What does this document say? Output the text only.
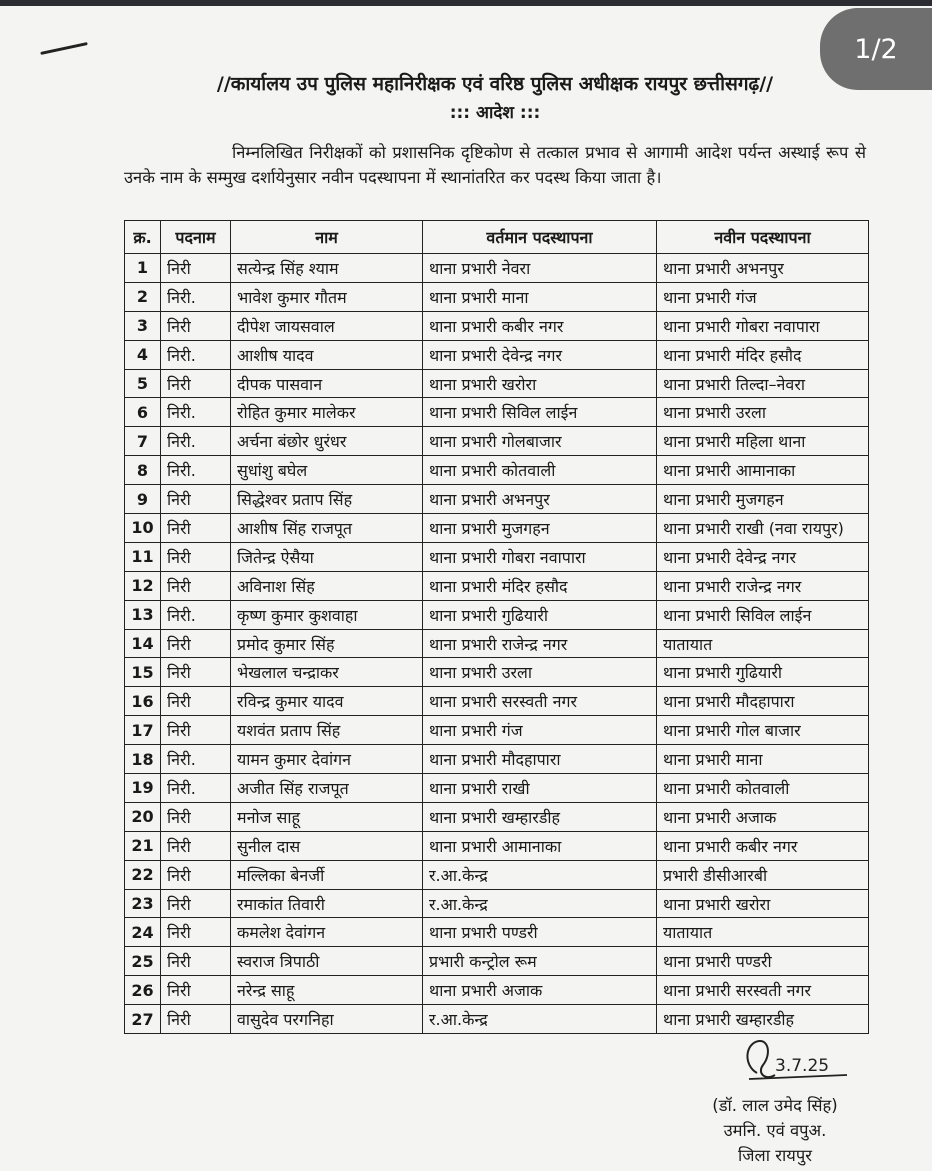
1/2
//कार्यालय उप पुलिस महानिरीक्षक एवं वरिष्ठ पुलिस अधीक्षक रायपुर छत्तीसगढ़//
::: आदेश :::
निम्नलिखित निरीक्षकों को प्रशासनिक दृष्टिकोण से तत्काल प्रभाव से आगामी आदेश पर्यन्त अस्थाई रूप से उनके नाम के सम्मुख दर्शायेनुसार नवीन पदस्थापना में स्थानांतरित कर पदस्थ किया जाता है।
क्र.	पदनाम	नाम	वर्तमान पदस्थापना	नवीन पदस्थापना
1	निरी	सत्येन्द्र सिंह श्याम	थाना प्रभारी नेवरा	थाना प्रभारी अभनपुर
2	निरी.	भावेश कुमार गौतम	थाना प्रभारी माना	थाना प्रभारी गंज
3	निरी	दीपेश जायसवाल	थाना प्रभारी कबीर नगर	थाना प्रभारी गोबरा नवापारा
4	निरी.	आशीष यादव	थाना प्रभारी देवेन्द्र नगर	थाना प्रभारी मंदिर हसौद
5	निरी	दीपक पासवान	थाना प्रभारी खरोरा	थाना प्रभारी तिल्दा–नेवरा
6	निरी.	रोहित कुमार मालेकर	थाना प्रभारी सिविल लाईन	थाना प्रभारी उरला
7	निरी.	अर्चना बंछोर धुरंधर	थाना प्रभारी गोलबाजार	थाना प्रभारी महिला थाना
8	निरी.	सुधांशु बघेल	थाना प्रभारी कोतवाली	थाना प्रभारी आमानाका
9	निरी	सिद्धेश्वर प्रताप सिंह	थाना प्रभारी अभनपुर	थाना प्रभारी मुजगहन
10	निरी	आशीष सिंह राजपूत	थाना प्रभारी मुजगहन	थाना प्रभारी राखी (नवा रायपुर)
11	निरी	जितेन्द्र ऐसैया	थाना प्रभारी गोबरा नवापारा	थाना प्रभारी देवेन्द्र नगर
12	निरी	अविनाश सिंह	थाना प्रभारी मंदिर हसौद	थाना प्रभारी राजेन्द्र नगर
13	निरी.	कृष्ण कुमार कुशवाहा	थाना प्रभारी गुढियारी	थाना प्रभारी सिविल लाईन
14	निरी	प्रमोद कुमार सिंह	थाना प्रभारी राजेन्द्र नगर	यातायात
15	निरी	भेखलाल चन्द्राकर	थाना प्रभारी उरला	थाना प्रभारी गुढियारी
16	निरी	रविन्द्र कुमार यादव	थाना प्रभारी सरस्वती नगर	थाना प्रभारी मौदहापारा
17	निरी	यशवंत प्रताप सिंह	थाना प्रभारी गंज	थाना प्रभारी गोल बाजार
18	निरी.	यामन कुमार देवांगन	थाना प्रभारी मौदहापारा	थाना प्रभारी माना
19	निरी.	अजीत सिंह राजपूत	थाना प्रभारी राखी	थाना प्रभारी कोतवाली
20	निरी	मनोज साहू	थाना प्रभारी खम्हारडीह	थाना प्रभारी अजाक
21	निरी	सुनील दास	थाना प्रभारी आमानाका	थाना प्रभारी कबीर नगर
22	निरी	मल्लिका बेनर्जी	र.आ.केन्द्र	प्रभारी डीसीआरबी
23	निरी	रमाकांत तिवारी	र.आ.केन्द्र	थाना प्रभारी खरोरा
24	निरी	कमलेश देवांगन	थाना प्रभारी पण्डरी	यातायात
25	निरी	स्वराज त्रिपाठी	प्रभारी कन्ट्रोल रूम	थाना प्रभारी पण्डरी
26	निरी	नरेन्द्र साहू	थाना प्रभारी अजाक	थाना प्रभारी सरस्वती नगर
27	निरी	वासुदेव परगनिहा	र.आ.केन्द्र	थाना प्रभारी खम्हारडीह
3.7.25
(डॉ. लाल उमेद सिंह)
उमनि. एवं वपुअ.
जिला रायपुर
